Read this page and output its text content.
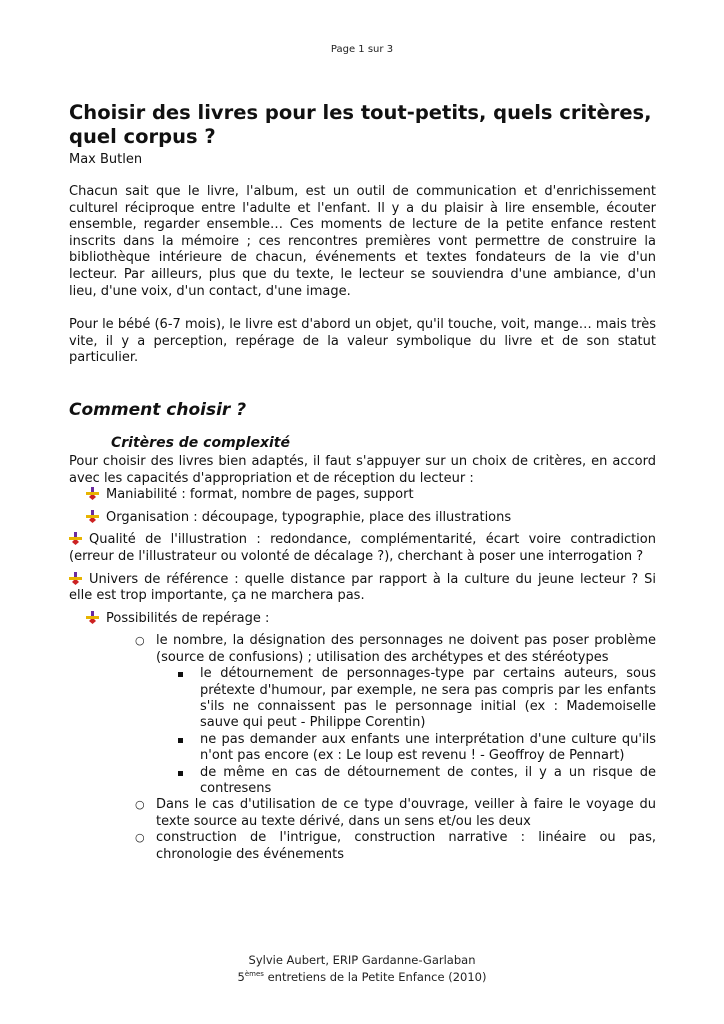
Page 1 sur 3
Choisir des livres pour les tout-petits, quels critères, quel corpus ?
Max Butlen

Chacun sait que le livre, l'album, est un outil de communication et d'enrichissement culturel réciproque entre l'adulte et l'enfant. Il y a du plaisir à lire ensemble, écouter ensemble, regarder ensemble… Ces moments de lecture de la petite enfance restent inscrits dans la mémoire ; ces rencontres premières vont permettre de construire la bibliothèque intérieure de chacun, événements et textes fondateurs de la vie d'un lecteur. Par ailleurs, plus que du texte, le lecteur se souviendra d'une ambiance, d'un lieu, d'une voix, d'un contact, d'une image.

Pour le bébé (6-7 mois), le livre est d'abord un objet, qu'il touche, voit, mange… mais très vite, il y a perception, repérage de la valeur symbolique du livre et de son statut particulier.

Comment choisir ?
Critères de complexité

Pour choisir des livres bien adaptés, il faut s'appuyer sur un choix de critères, en accord avec les capacités d'appropriation et de réception du lecteur :

Maniabilité : format, nombre de pages, support
Organisation : découpage, typographie, place des illustrations
Qualité de l'illustration : redondance, complémentarité, écart voire contradiction (erreur de l'illustrateur ou volonté de décalage ?), cherchant à poser une interrogation ?
Univers de référence : quelle distance par rapport à la culture du jeune lecteur ? Si elle est trop importante, ça ne marchera pas.
Possibilités de repérage :
○ le nombre, la désignation des personnages ne doivent pas poser problème (source de confusions) ; utilisation des archétypes et des stéréotypes
le détournement de personnages-type par certains auteurs, sous prétexte d'humour, par exemple, ne sera pas compris par les enfants s'ils ne connaissent pas le personnage initial (ex : Mademoiselle sauve qui peut - Philippe Corentin)
ne pas demander aux enfants une interprétation d'une culture qu'ils n'ont pas encore (ex : Le loup est revenu ! - Geoffroy de Pennart)
de même en cas de détournement de contes, il y a un risque de contresens
○ Dans le cas d'utilisation de ce type d'ouvrage, veiller à faire le voyage du texte source au texte dérivé, dans un sens et/ou les deux
○ construction de l'intrigue, construction narrative : linéaire ou pas, chronologie des événements
Sylvie Aubert, ERIP Gardanne-Garlaban
5èmes entretiens de la Petite Enfance (2010)
